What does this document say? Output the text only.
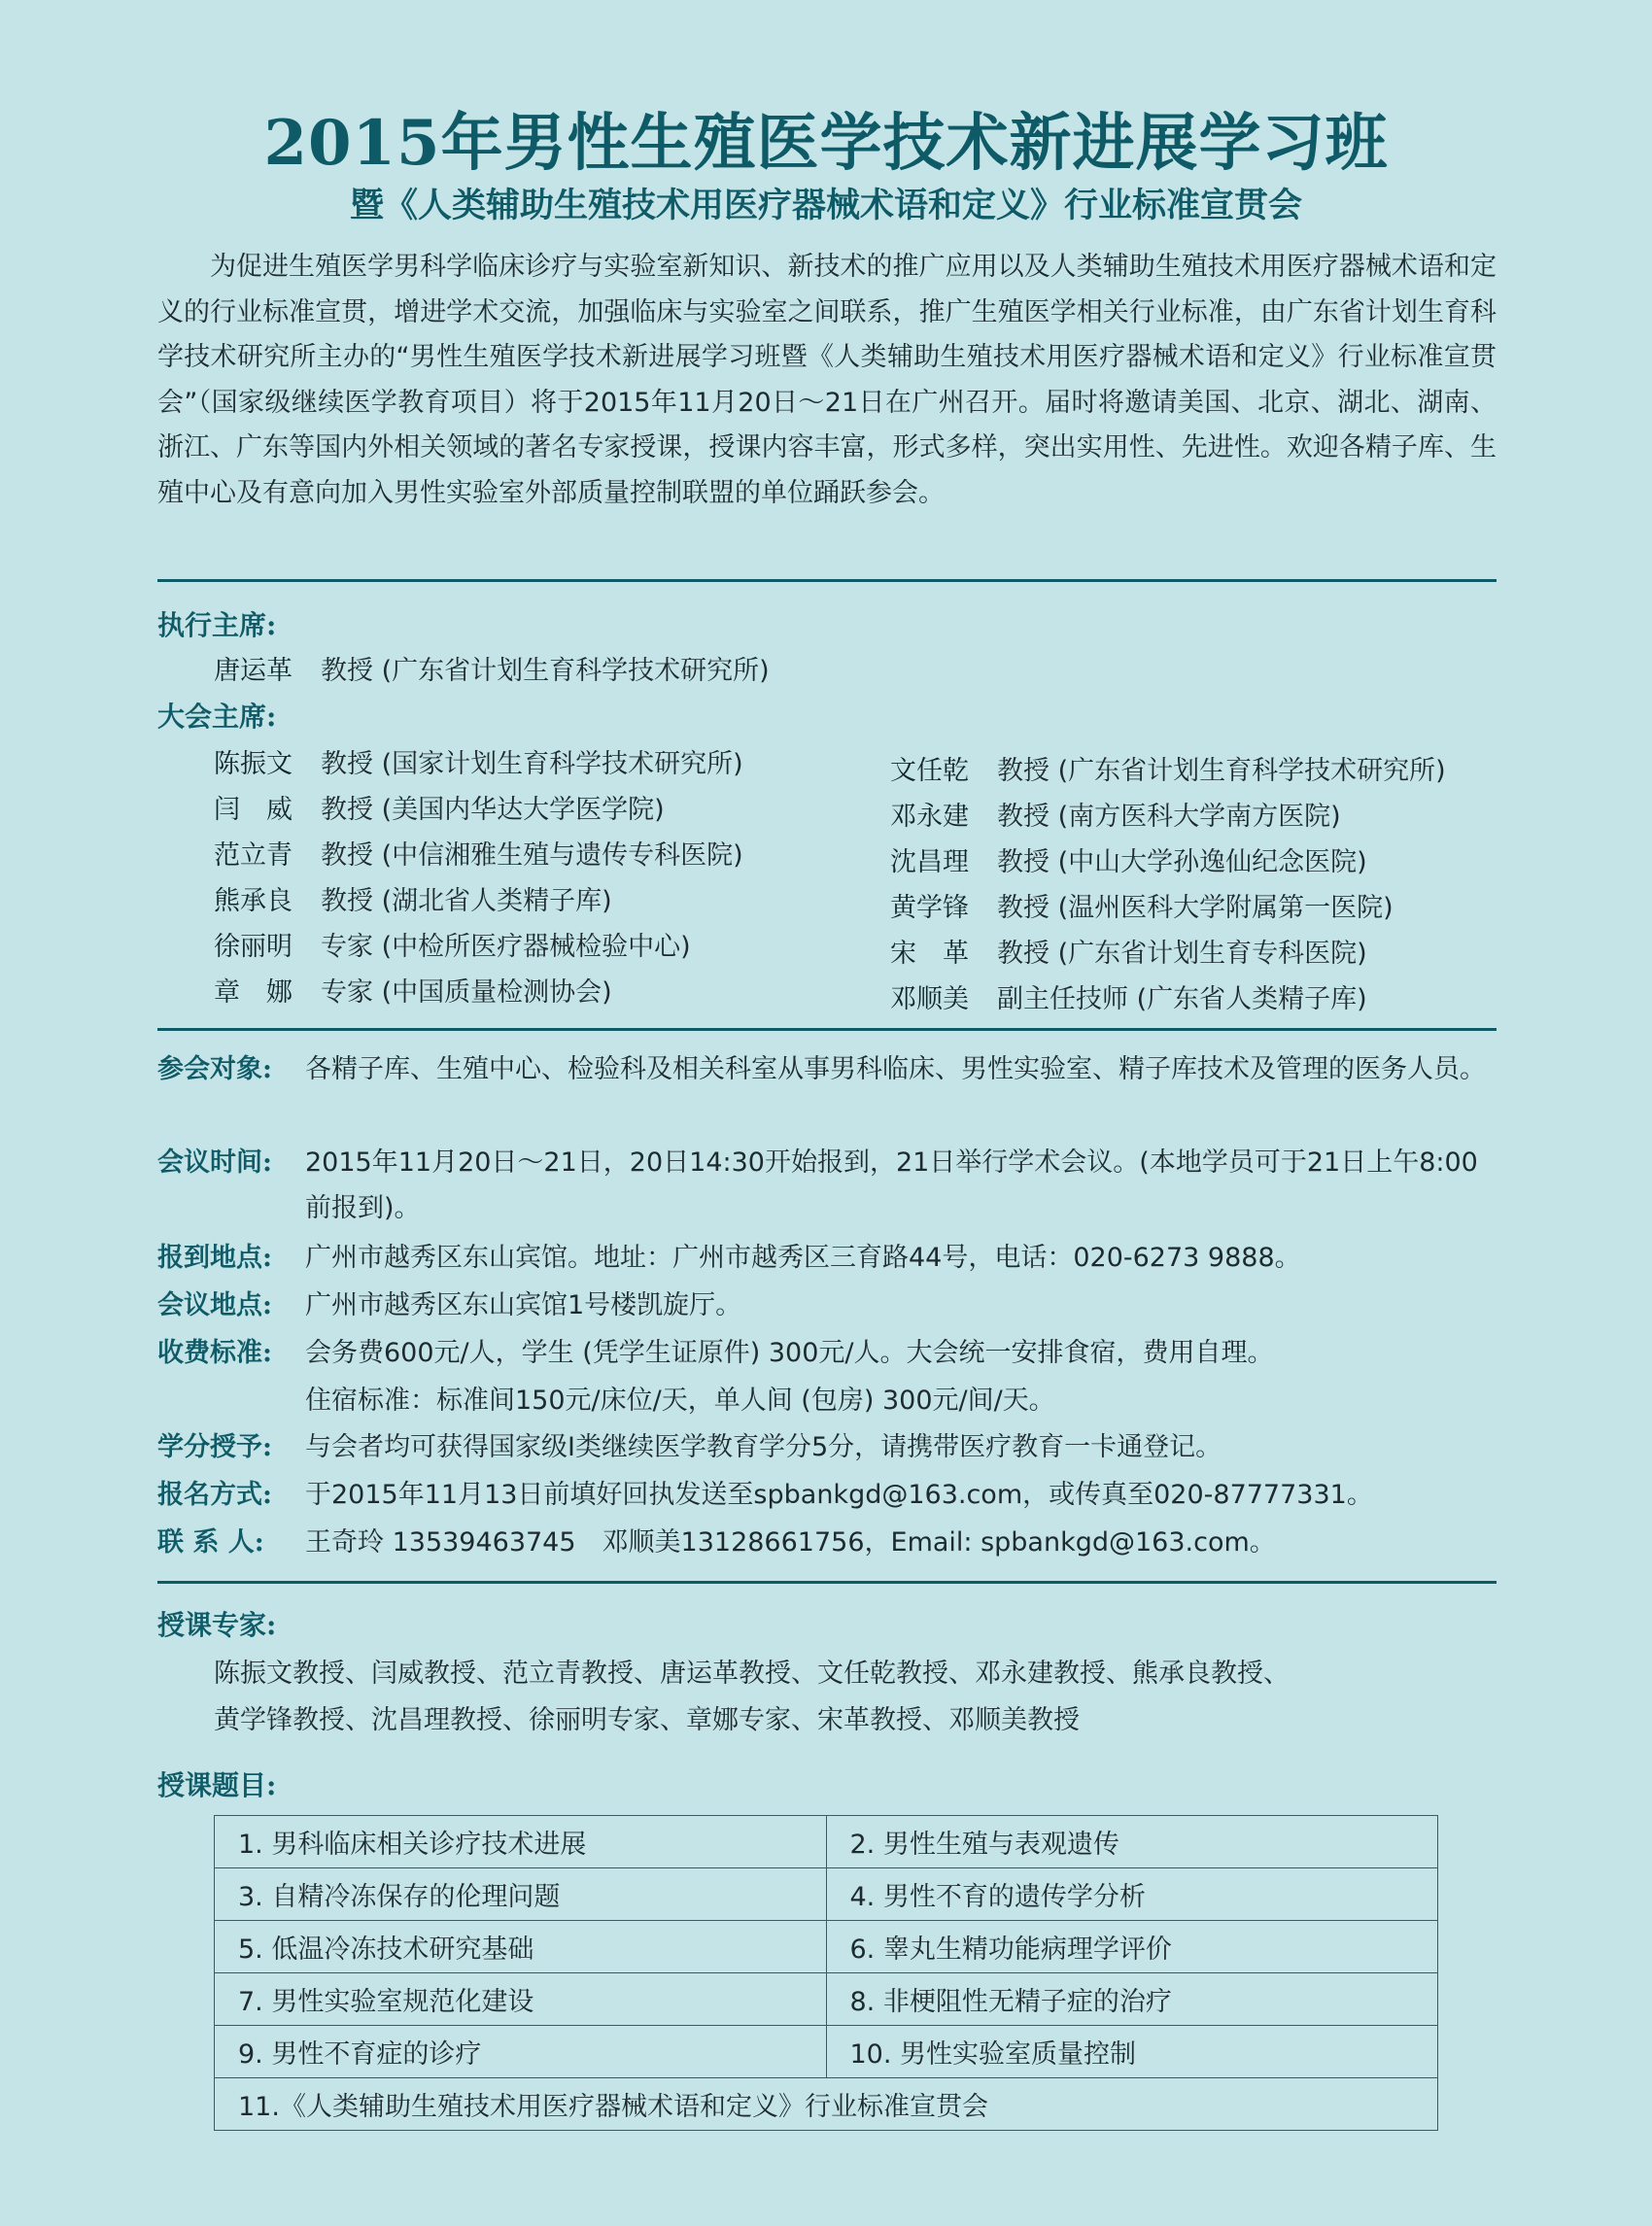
2015年男性生殖医学技术新进展学习班
暨《人类辅助生殖技术用医疗器械术语和定义》行业标准宣贯会
为促进生殖医学男科学临床诊疗与实验室新知识、新技术的推广应用以及人类辅助生殖技术用医疗器械术语和定义的行业标准宣贯，增进学术交流，加强临床与实验室之间联系，推广生殖医学相关行业标准，由广东省计划生育科学技术研究所主办的“男性生殖医学技术新进展学习班暨《人类辅助生殖技术用医疗器械术语和定义》行业标准宣贯会”（国家级继续医学教育项目）将于2015年11月20日～21日在广州召开。届时将邀请美国、北京、湖北、湖南、浙江、广东等国内外相关领域的著名专家授课，授课内容丰富，形式多样，突出实用性、先进性。欢迎各精子库、生殖中心及有意向加入男性实验室外部质量控制联盟的单位踊跃参会。
执行主席:
唐运革	教授 (广东省计划生育科学技术研究所)
大会主席:
陈振文	教授 (国家计划生育科学技术研究所)
闫　威	教授 (美国内华达大学医学院)
范立青	教授 (中信湘雅生殖与遗传专科医院)
熊承良	教授 (湖北省人类精子库)
徐丽明	专家 (中检所医疗器械检验中心)
章　娜	专家 (中国质量检测协会)
文任乾	教授 (广东省计划生育科学技术研究所)
邓永建	教授 (南方医科大学南方医院)
沈昌理	教授 (中山大学孙逸仙纪念医院)
黄学锋	教授 (温州医科大学附属第一医院)
宋　革	教授 (广东省计划生育专科医院)
邓顺美	副主任技师 (广东省人类精子库)
参会对象:	各精子库、生殖中心、检验科及相关科室从事男科临床、男性实验室、精子库技术及管理的医务人员。
会议时间:	2015年11月20日～21日，20日14:30开始报到，21日举行学术会议。(本地学员可于21日上午8:00前报到)。
报到地点:	广州市越秀区东山宾馆。地址：广州市越秀区三育路44号，电话：020-6273 9888。
会议地点:	广州市越秀区东山宾馆1号楼凯旋厅。
收费标准:	会务费600元/人，学生 (凭学生证原件) 300元/人。大会统一安排食宿，费用自理。
住宿标准：标准间150元/床位/天，单人间 (包房) 300元/间/天。
学分授予:	与会者均可获得国家级Ⅰ类继续医学教育学分5分，请携带医疗教育一卡通登记。
报名方式:	于2015年11月13日前填好回执发送至spbankgd@163.com，或传真至020-87777331。
联 系 人:	王奇玲 13539463745　邓顺美13128661756，Email: spbankgd@163.com。
授课专家:
陈振文教授、闫威教授、范立青教授、唐运革教授、文任乾教授、邓永建教授、熊承良教授、
黄学锋教授、沈昌理教授、徐丽明专家、章娜专家、宋革教授、邓顺美教授
授课题目:
1. 男科临床相关诊疗技术进展	2. 男性生殖与表观遗传
3. 自精冷冻保存的伦理问题	4. 男性不育的遗传学分析
5. 低温冷冻技术研究基础	6. 睾丸生精功能病理学评价
7. 男性实验室规范化建设	8. 非梗阻性无精子症的治疗
9. 男性不育症的诊疗	10. 男性实验室质量控制
11.《人类辅助生殖技术用医疗器械术语和定义》行业标准宣贯会	
